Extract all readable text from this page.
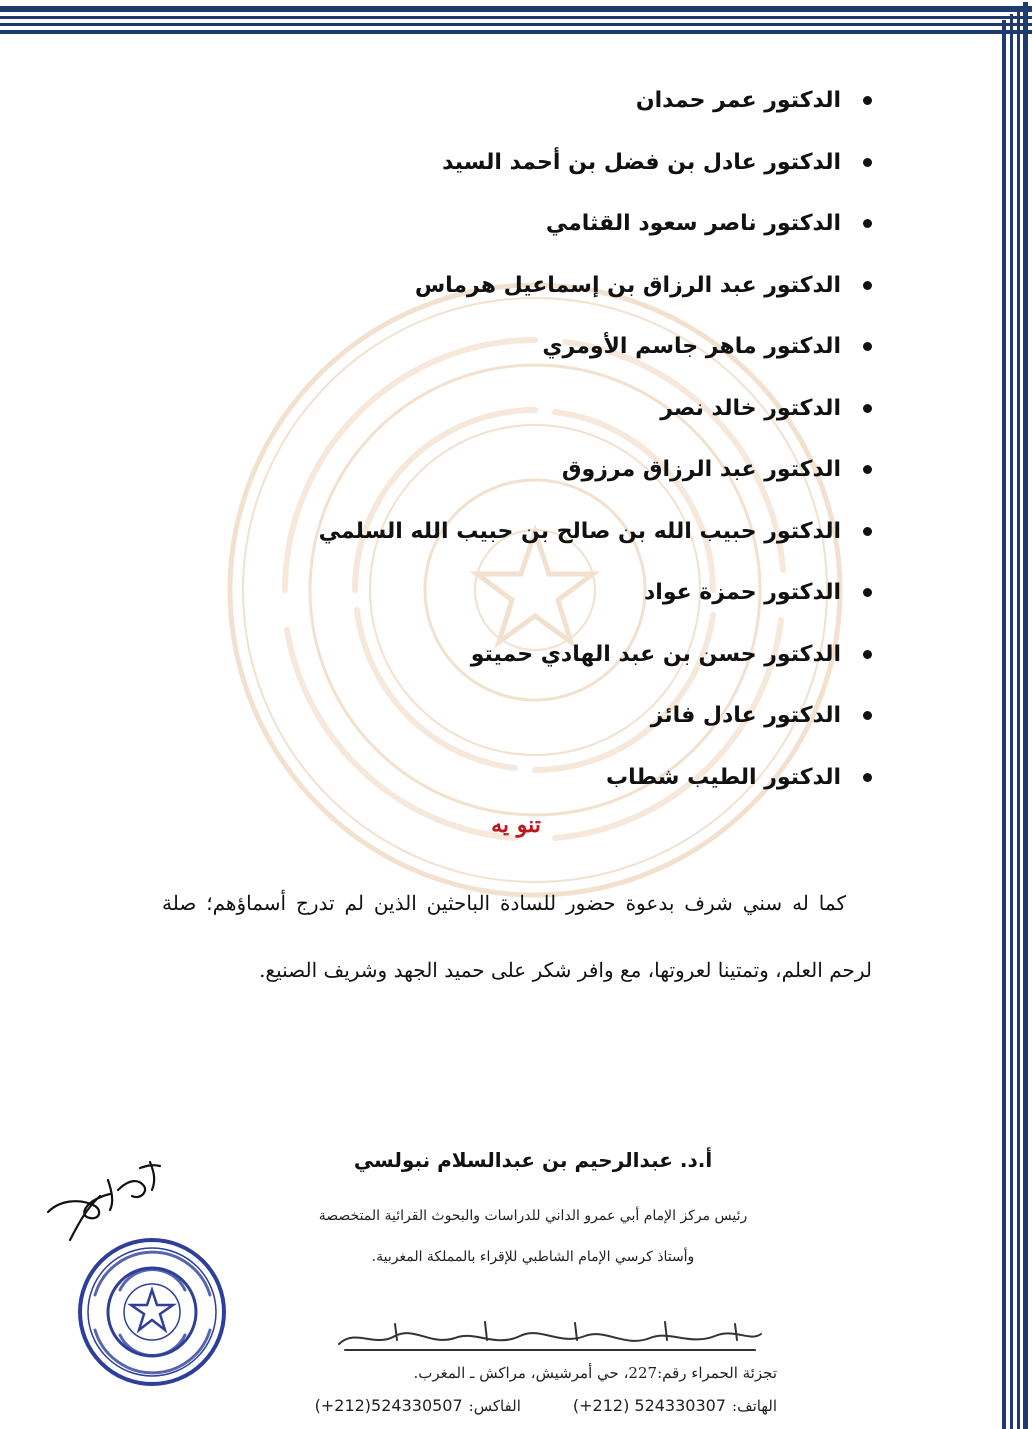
الدكتور عمر حمدان
الدكتور عادل بن فضل بن أحمد السيد
الدكتور ناصر سعود القثامي
الدكتور عبد الرزاق بن إسماعيل هرماس
الدكتور ماهر جاسم الأومري
الدكتور خالد نصر
الدكتور عبد الرزاق مرزوق
الدكتور حبيب الله بن صالح بن حبيب الله السلمي
الدكتور حمزة عواد
الدكتور حسن بن عبد الهادي حميتو
الدكتور عادل فائز
الدكتور الطيب شطاب
تنو يه

كما له سني شرف بدعوة حضور للسادة الباحثين الذين لم تدرج أسماؤهم؛ صلة لرحم العلم، وتمتينا لعروتها، مع وافر شكر على حميد الجهد وشريف الصنيع.

أ.د. عبدالرحيم بن عبدالسلام نبولسي
رئيس مركز الإمام أبي عمرو الداني للدراسات والبحوث القرائية المتخصصة
وأستاذ كرسي الإمام الشاطبي للإقراء بالمملكة المغربية.
تجزئة الحمراء رقم:227، حي أمرشيش، مراكش ـ المغرب.
الهاتف:(+212) 524330307الفاكس:(+212)524330507
